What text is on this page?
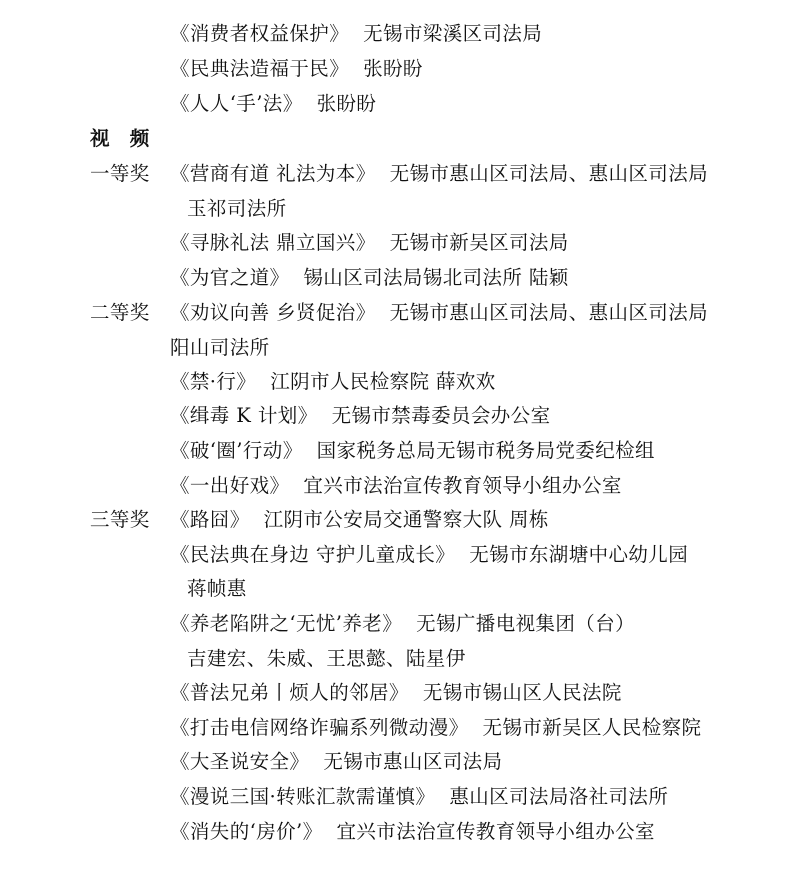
《消费者权益保护》 无锡市梁溪区司法局
《民典法造福于民》 张盼盼
《人人‘手’法》 张盼盼
视　频
一等奖 《营商有道 礼法为本》 无锡市惠山区司法局、惠山区司法局
玉祁司法所
《寻脉礼法 鼎立国兴》 无锡市新吴区司法局
《为官之道》 锡山区司法局锡北司法所 陆颖
二等奖 《劝议向善 乡贤促治》 无锡市惠山区司法局、惠山区司法局
阳山司法所
《禁·行》 江阴市人民检察院 薛欢欢
《缉毒 K 计划》 无锡市禁毒委员会办公室
《破‘圈’行动》 国家税务总局无锡市税务局党委纪检组
《一出好戏》 宜兴市法治宣传教育领导小组办公室
三等奖 《路囧》 江阴市公安局交通警察大队 周栋
《民法典在身边 守护儿童成长》 无锡市东湖塘中心幼儿园
蒋帧惠
《养老陷阱之‘无忧’养老》 无锡广播电视集团（台）
吉建宏、朱威、王思懿、陆星伊
《普法兄弟丨烦人的邻居》 无锡市锡山区人民法院
《打击电信网络诈骗系列微动漫》 无锡市新吴区人民检察院
《大圣说安全》 无锡市惠山区司法局
《漫说三国·转账汇款需谨慎》 惠山区司法局洛社司法所
《消失的‘房价’》 宜兴市法治宣传教育领导小组办公室
